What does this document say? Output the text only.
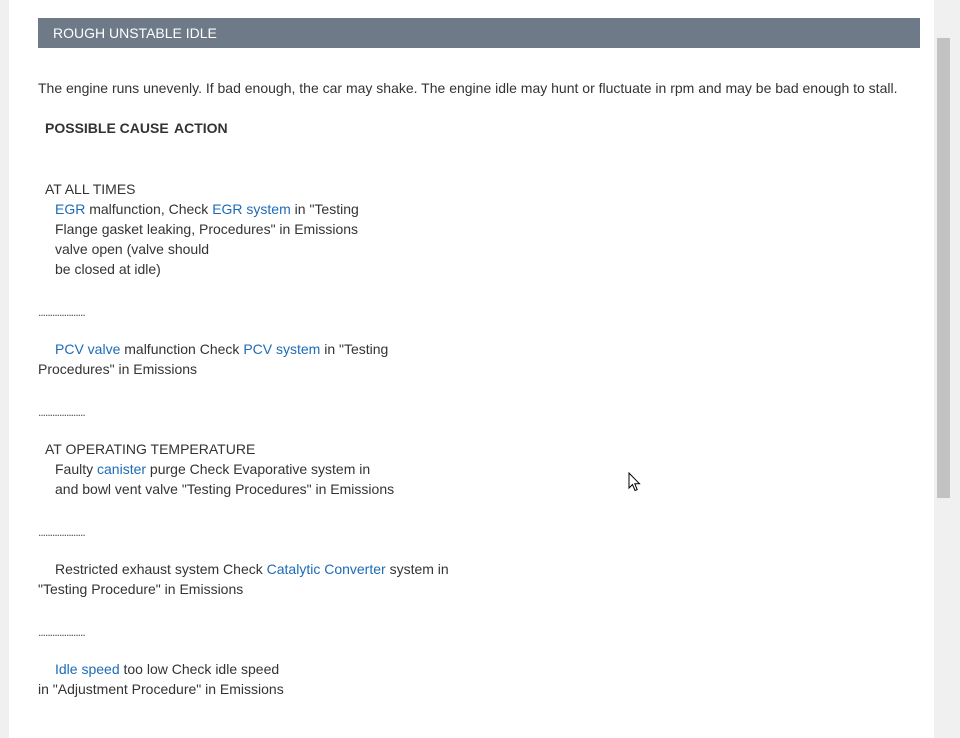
ROUGH UNSTABLE IDLE
The engine runs unevenly. If bad enough, the car may shake. The engine idle may hunt or fluctuate in rpm and may be bad enough to stall.
POSSIBLE CAUSE ACTION
AT ALL TIMES
EGR malfunction, Check EGR system in "Testing
Flange gasket leaking, Procedures" in Emissions
valve open (valve should
be closed at idle)
....................
PCV valve malfunction Check PCV system in "Testing
Procedures" in Emissions
....................
AT OPERATING TEMPERATURE
Faulty canister purge Check Evaporative system in
and bowl vent valve "Testing Procedures" in Emissions
....................
Restricted exhaust system Check Catalytic Converter system in
"Testing Procedure" in Emissions
....................
Idle speed too low Check idle speed
in "Adjustment Procedure" in Emissions
